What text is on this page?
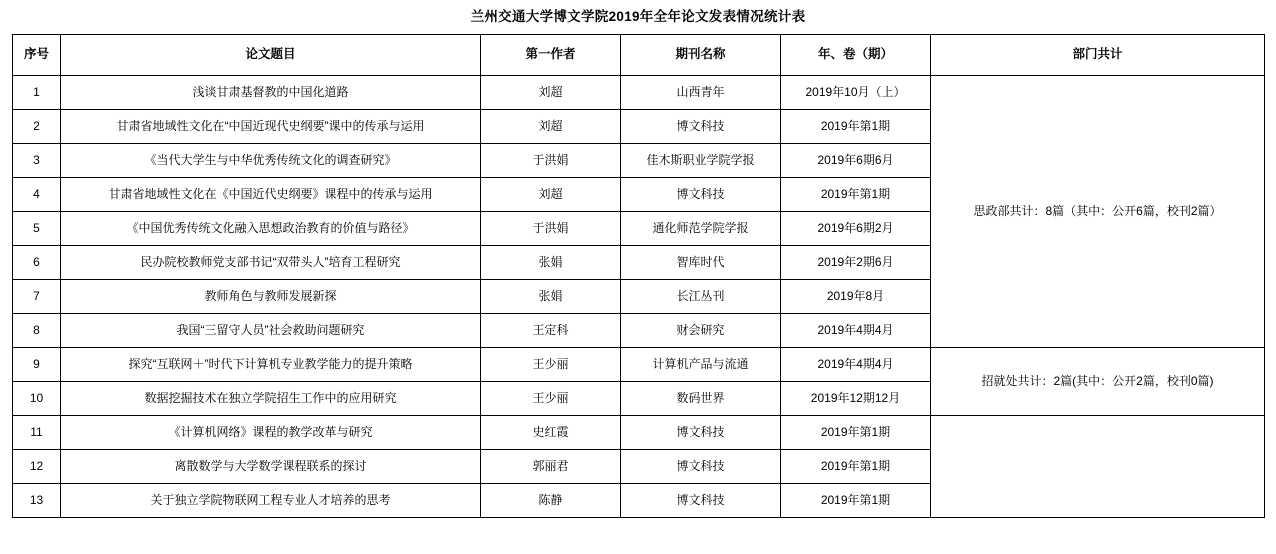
兰州交通大学博文学院2019年全年论文发表情况统计表
序号	论文题目	第一作者	期刊名称	年、卷（期）	部门共计
1	浅谈甘肃基督教的中国化道路	刘超	山西青年	2019年10月（上）	思政部共计：8篇（其中：公开6篇，校刊2篇）
2	甘肃省地域性文化在“中国近现代史纲要”课中的传承与运用	刘超	博文科技	2019年第1期	
3	《当代大学生与中华优秀传统文化的调查研究》	于洪娟	佳木斯职业学院学报	2019年6期6月	
4	甘肃省地域性文化在《中国近代史纲要》课程中的传承与运用	刘超	博文科技	2019年第1期	
5	《中国优秀传统文化融入思想政治教育的价值与路径》	于洪娟	通化师范学院学报	2019年6期2月	
6	民办院校教师党支部书记“双带头人”培育工程研究	张娟	智库时代	2019年2期6月	
7	教师角色与教师发展新探	张娟	长江丛刊	2019年8月	
8	我国“三留守人员”社会救助问题研究	王定科	财会研究	2019年4期4月	
9	探究“互联网＋”时代下计算机专业教学能力的提升策略	王少丽	计算机产品与流通	2019年4期4月	招就处共计：2篇(其中：公开2篇，校刊0篇)
10	数据挖掘技术在独立学院招生工作中的应用研究	王少丽	数码世界	2019年12期12月	
11	《计算机网络》课程的教学改革与研究	史红霞	博文科技	2019年第1期	
12	离散数学与大学数学课程联系的探讨	郭丽君	博文科技	2019年第1期	
13	关于独立学院物联网工程专业人才培养的思考	陈静	博文科技	2019年第1期	
